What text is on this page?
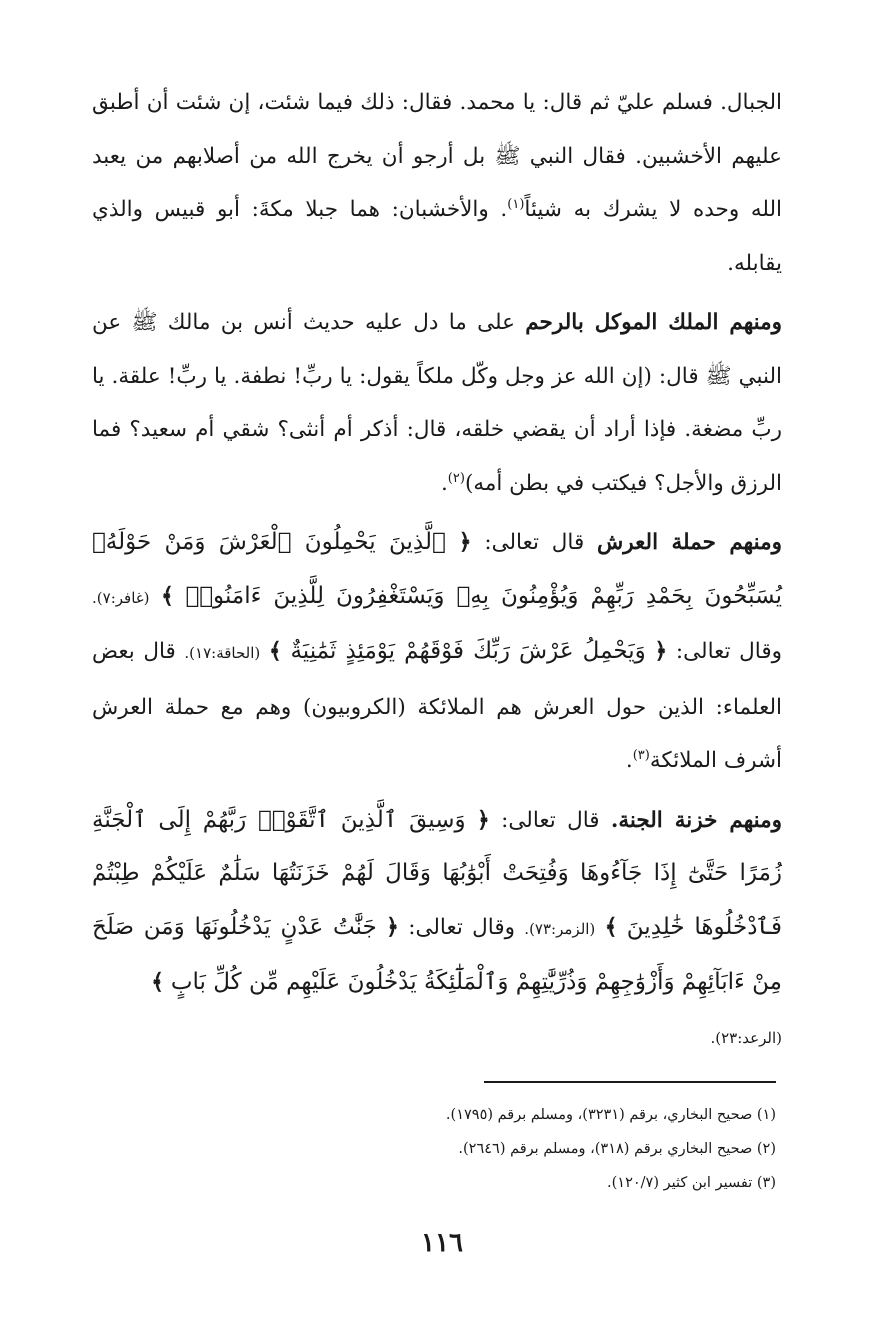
الجبال. فسلم عليّ ثم قال: يا محمد. فقال: ذلك فيما شئت، إن شئت أن أطبق عليهم الأخشبين. فقال النبي ﷺ بل أرجو أن يخرج الله من أصلابهم من يعبد الله وحده لا يشرك به شيئاً$^{(١)}$. والأخشبان: هما جبلا مكةَ: أبو قبيس والذي يقابله.

ومنهم الملك الموكل بالرحم على ما دل عليه حديث أنس بن مالك ﷺ عن النبي ﷺ قال: (إن الله عز وجل وكّل ملكاً يقول: يا ربِّ! نطفة. يا ربِّ! علقة. يا ربِّ مضغة. فإذا أراد أن يقضي خلقه، قال: أذكر أم أنثى؟ شقي أم سعيد؟ فما الرزق والأجل؟ فيكتب في بطن أمه)$^{(٢)}$.

ومنهم حملة العرش قال تعالى: ﴿ ٱلَّذِينَ يَحْمِلُونَ ٱلْعَرْشَ وَمَنْ حَوْلَهُۥ يُسَبِّحُونَ بِحَمْدِ رَبِّهِمْ وَيُؤْمِنُونَ بِهِۦ وَيَسْتَغْفِرُونَ لِلَّذِينَ ءَامَنُوا۟ ﴾ (غافر:٧). وقال تعالى: ﴿ وَيَحْمِلُ عَرْشَ رَبِّكَ فَوْقَهُمْ يَوْمَئِذٍ ثَمَٰنِيَةٌ ﴾ (الحاقة:١٧). قال بعض العلماء: الذين حول العرش هم الملائكة (الكروبيون) وهم مع حملة العرش أشرف الملائكة$^{(٣)}$.

ومنهم خزنة الجنة. قال تعالى: ﴿ وَسِيقَ ٱلَّذِينَ ٱتَّقَوْا۟ رَبَّهُمْ إِلَى ٱلْجَنَّةِ زُمَرًا حَتَّىٰٓ إِذَا جَآءُوهَا وَفُتِحَتْ أَبْوَٰبُهَا وَقَالَ لَهُمْ خَزَنَتُهَا سَلَٰمٌ عَلَيْكُمْ طِبْتُمْ فَٱدْخُلُوهَا خَٰلِدِينَ ﴾ (الزمر:٧٣). وقال تعالى: ﴿ جَنَّٰتُ عَدْنٍ يَدْخُلُونَهَا وَمَن صَلَحَ مِنْ ءَابَآئِهِمْ وَأَزْوَٰجِهِمْ وَذُرِّيَّٰتِهِمْ وَٱلْمَلَٰٓئِكَةُ يَدْخُلُونَ عَلَيْهِم مِّن كُلِّ بَابٍ ﴾
(الرعد:٢٣).

(١) صحيح البخاري، برقم (٣٢٣١)، ومسلم برقم (١٧٩٥).

(٢) صحيح البخاري برقم (٣١٨)، ومسلم برقم (٢٦٤٦).

(٣) تفسير ابن كثير (١٢٠/٧).

١١٦
